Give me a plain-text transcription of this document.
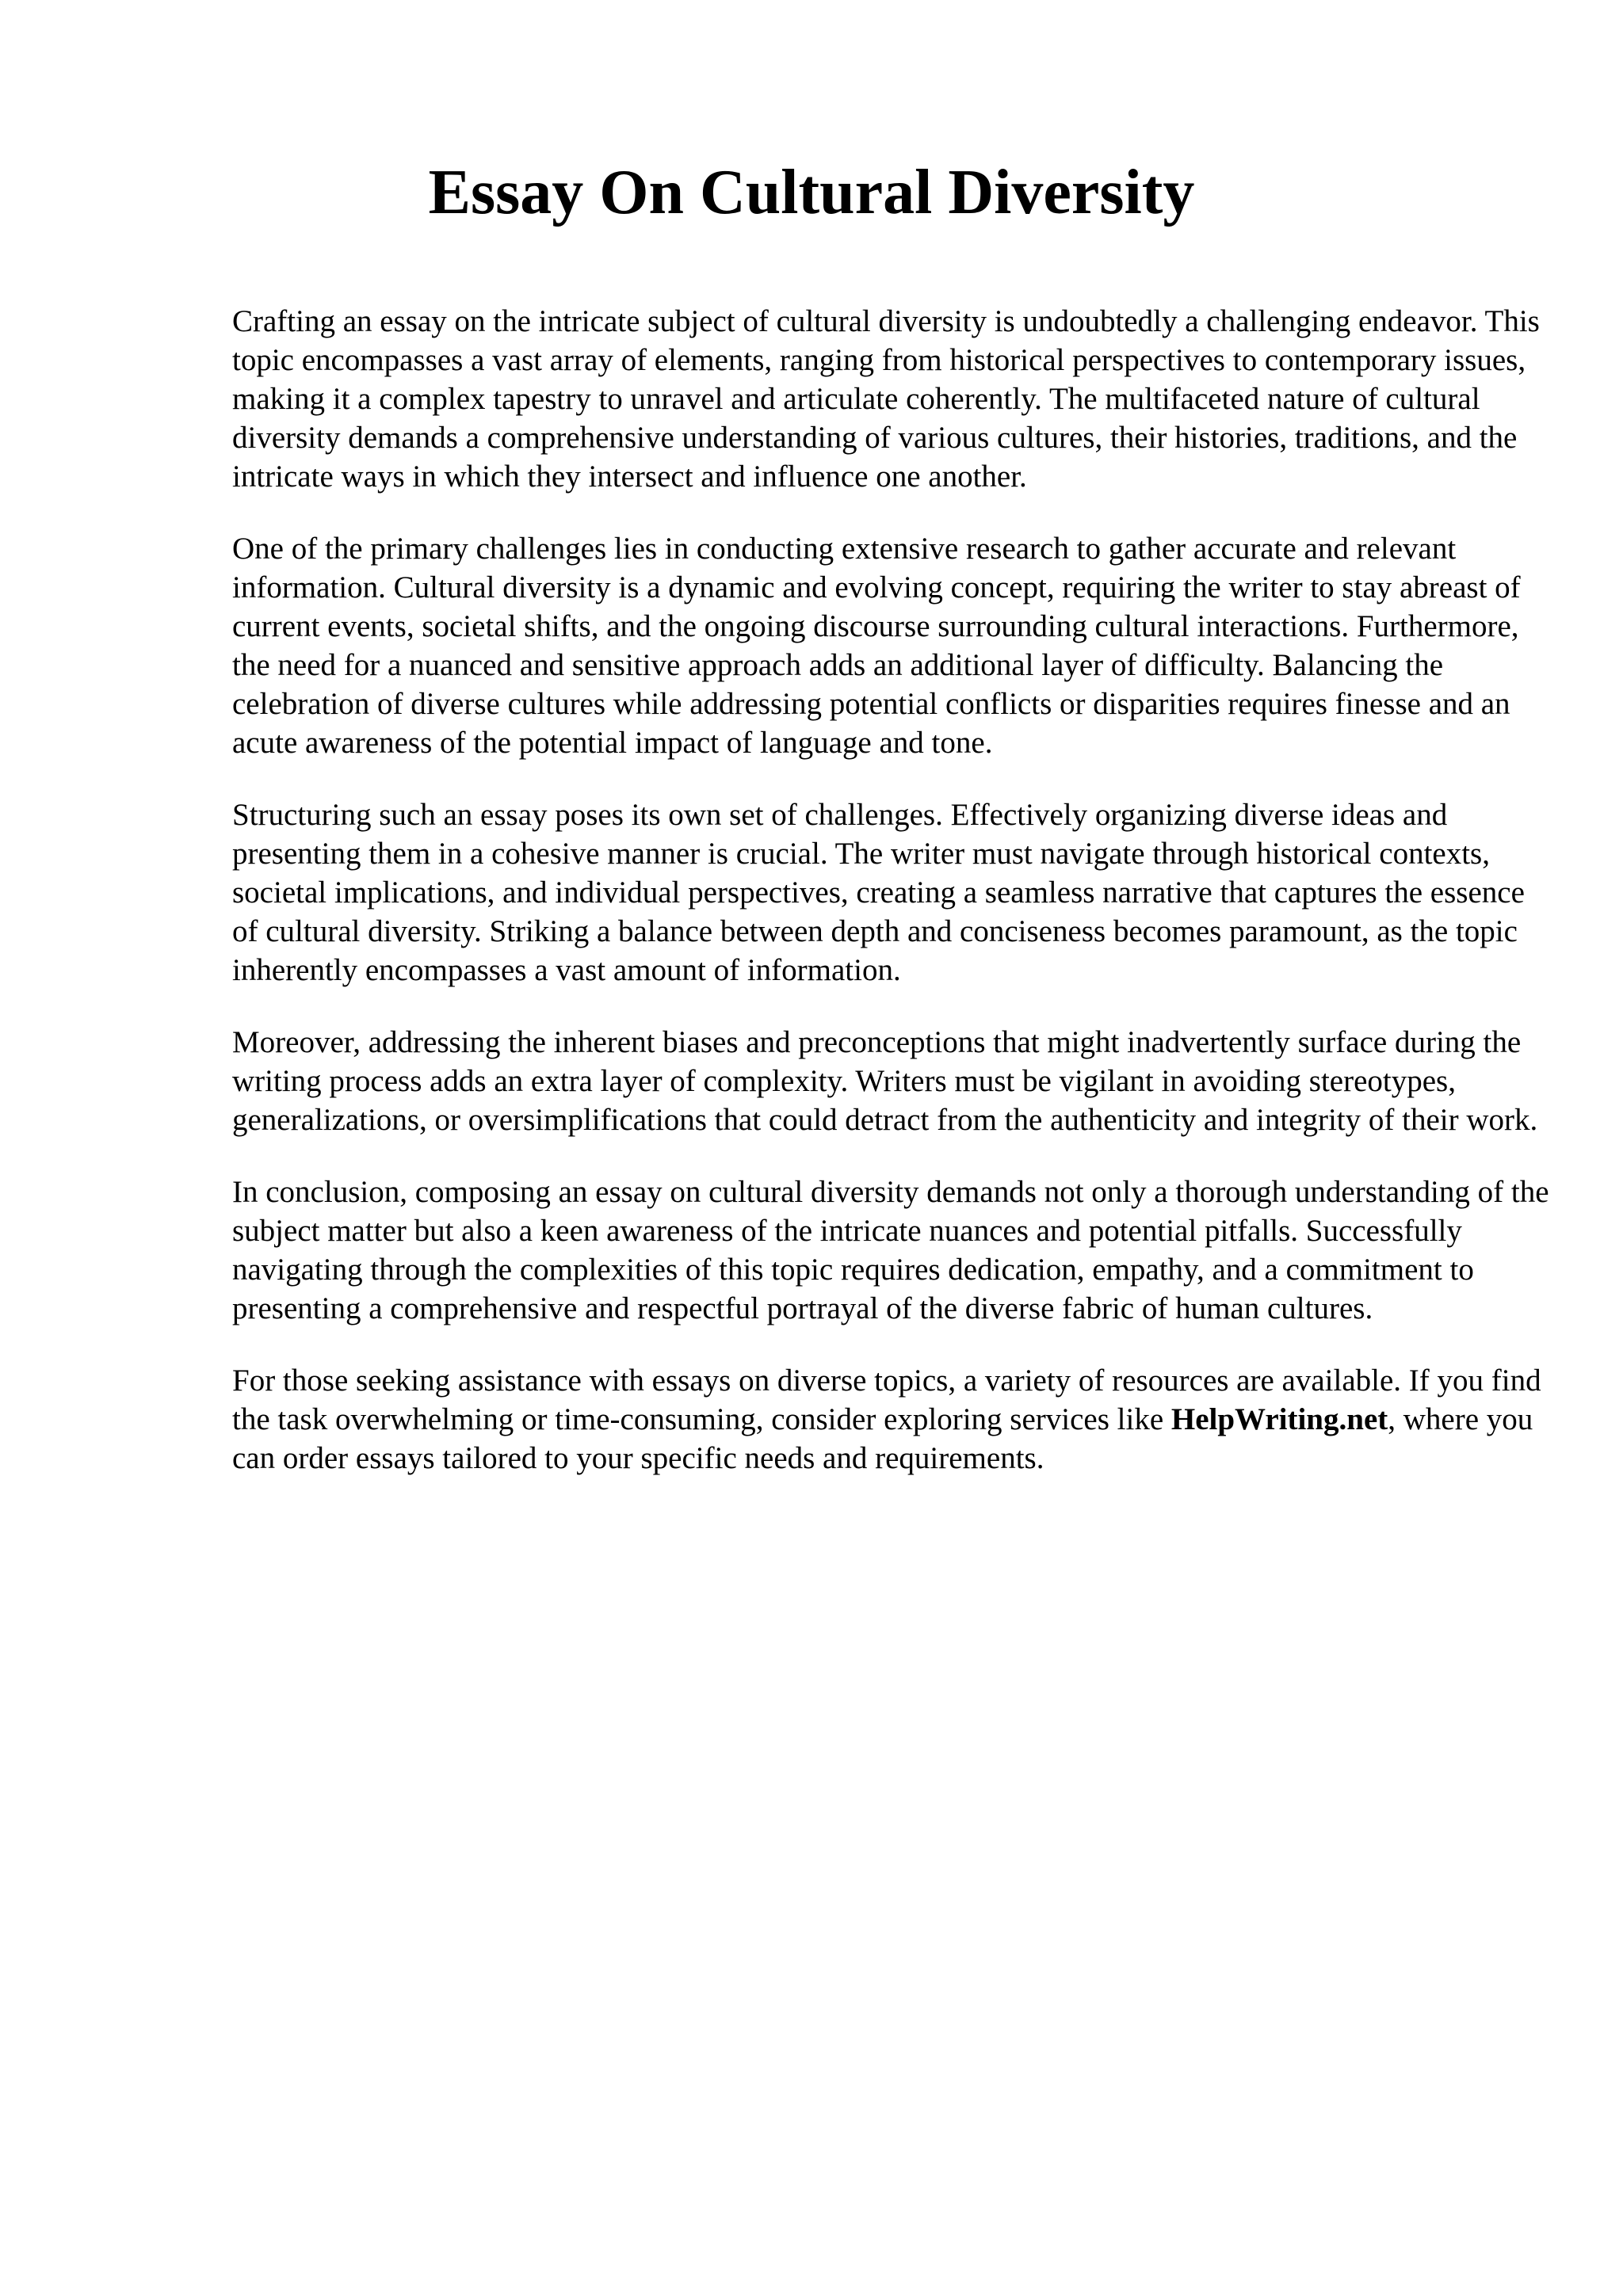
Essay On Cultural Diversity

Crafting an essay on the intricate subject of cultural diversity is undoubtedly a challenging endeavor. This topic encompasses a vast array of elements, ranging from historical perspectives to contemporary issues, making it a complex tapestry to unravel and articulate coherently. The multifaceted nature of cultural diversity demands a comprehensive understanding of various cultures, their histories, traditions, and the intricate ways in which they intersect and influence one another.

One of the primary challenges lies in conducting extensive research to gather accurate and relevant information. Cultural diversity is a dynamic and evolving concept, requiring the writer to stay abreast of current events, societal shifts, and the ongoing discourse surrounding cultural interactions. Furthermore, the need for a nuanced and sensitive approach adds an additional layer of difficulty. Balancing the celebration of diverse cultures while addressing potential conflicts or disparities requires finesse and an acute awareness of the potential impact of language and tone.

Structuring such an essay poses its own set of challenges. Effectively organizing diverse ideas and presenting them in a cohesive manner is crucial. The writer must navigate through historical contexts, societal implications, and individual perspectives, creating a seamless narrative that captures the essence of cultural diversity. Striking a balance between depth and conciseness becomes paramount, as the topic inherently encompasses a vast amount of information.

Moreover, addressing the inherent biases and preconceptions that might inadvertently surface during the writing process adds an extra layer of complexity. Writers must be vigilant in avoiding stereotypes, generalizations, or oversimplifications that could detract from the authenticity and integrity of their work.

In conclusion, composing an essay on cultural diversity demands not only a thorough understanding of the subject matter but also a keen awareness of the intricate nuances and potential pitfalls. Successfully navigating through the complexities of this topic requires dedication, empathy, and a commitment to presenting a comprehensive and respectful portrayal of the diverse fabric of human cultures.

For those seeking assistance with essays on diverse topics, a variety of resources are available. If you find the task overwhelming or time-consuming, consider exploring services like HelpWriting.net, where you can order essays tailored to your specific needs and requirements.
